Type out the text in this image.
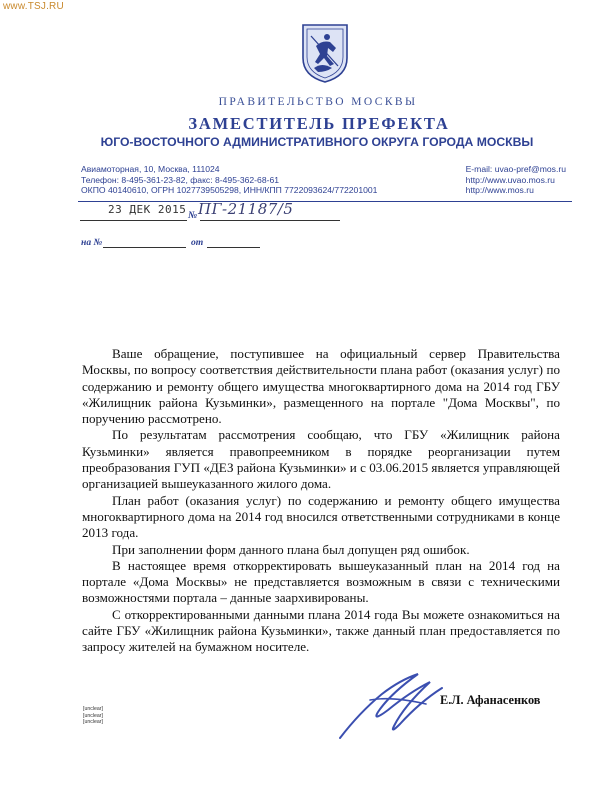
www.TSJ.RU
ПРАВИТЕЛЬСТВО МОСКВЫ
ЗАМЕСТИТЕЛЬ ПРЕФЕКТА
ЮГО-ВОСТОЧНОГО АДМИНИСТРАТИВНОГО ОКРУГА ГОРОДА МОСКВЫ
Авиамоторная, 10, Москва, 111024
Телефон: 8-495-361-23-82, факс: 8-495-362-68-61
ОКПО 40140610, ОГРН 1027739505298, ИНН/КПП 7722093624/772201001
E-mail: uvao-pref@mos.ru
http://www.uvao.mos.ru
http://www.mos.ru
23 ДЕК 2015 № ПГ-21187/5
на №	от

Ваше обращение, поступившее на официальный сервер Правительства Москвы, по вопросу соответствия действительности плана работ (оказания услуг) по содержанию и ремонту общего имущества многоквартирного дома на 2014 год ГБУ «Жилищник района Кузьминки», размещенного на портале "Дома Москвы", по поручению рассмотрено.

По результатам рассмотрения сообщаю, что ГБУ «Жилищник района Кузьминки» является правопреемником в порядке реорганизации путем преобразования ГУП «ДЕЗ района Кузьминки» и с 03.06.2015 является управляющей организацией вышеуказанного жилого дома.

План работ (оказания услуг) по содержанию и ремонту общего имущества многоквартирного дома на 2014 год вносился ответственными сотрудниками в конце 2013 года.

При заполнении форм данного плана был допущен ряд ошибок.

В настоящее время откорректировать вышеуказанный план на 2014 год на портале «Дома Москвы» не представляется возможным в связи с техническими возможностями портала – данные заархивированы.

С откорректированными данными плана 2014 года Вы можете ознакомиться на сайте ГБУ «Жилищник района Кузьминки», также данный план предоставляется по запросу жителей на бумажном носителе.

Е.Л. Афанасенков
[unclear]
[unclear]
[unclear]
